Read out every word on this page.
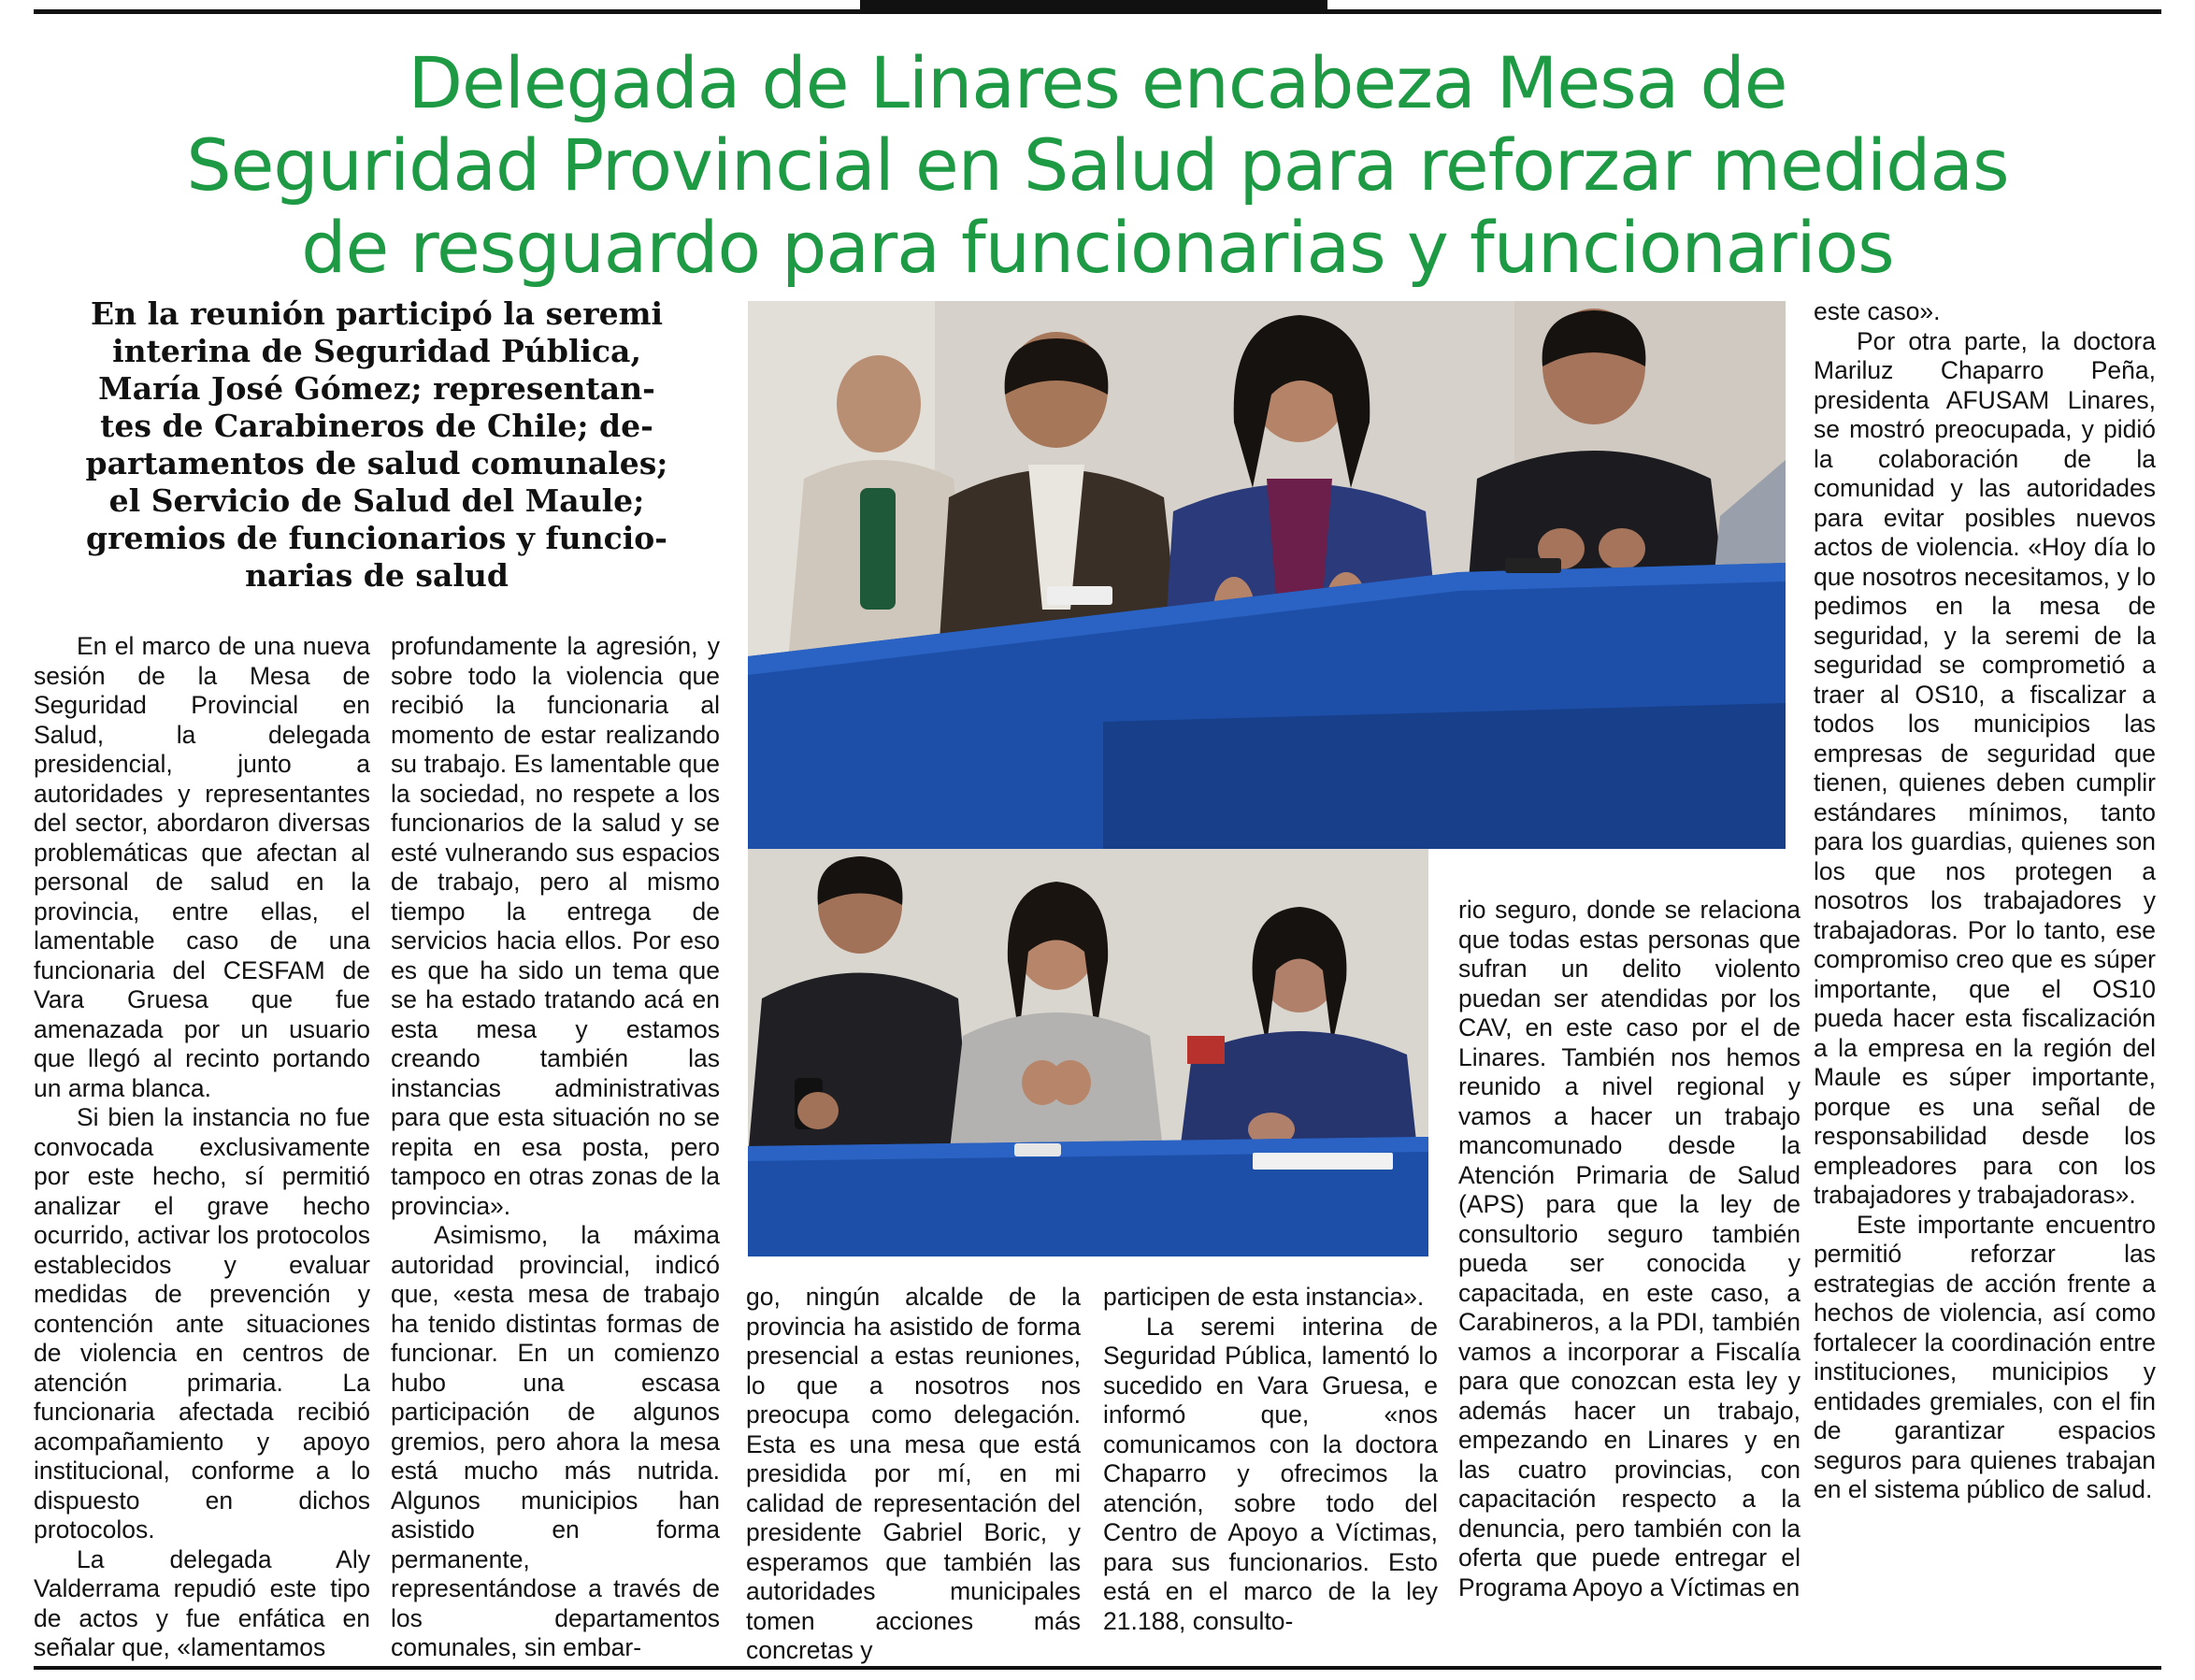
Delegada de Linares encabeza Mesa de
Seguridad Provincial en Salud para reforzar medidas
de resguardo para funcionarias y funcionarios
En la reunión participó la seremi
interina de Seguridad Pública,
María José Gómez; representan-
tes de Carabineros de Chile; de-
partamentos de salud comunales;
el Servicio de Salud del Maule;
gremios de funcionarios y funcio-
narias de salud

En el marco de una nueva sesión de la Mesa de Seguridad Provincial en Salud, la delegada presidencial, junto a autoridades y representantes del sector, abordaron diversas problemáticas que afectan al personal de salud en la provincia, entre ellas, el lamentable caso de una funcionaria del CESFAM de Vara Gruesa que fue amenazada por un usuario que llegó al recinto portando un arma blanca.

Si bien la instancia no fue convocada exclusivamente por este hecho, sí permitió analizar el grave hecho ocurrido, activar los protocolos establecidos y evaluar medidas de prevención y contención ante situaciones de violencia en centros de atención primaria. La funcionaria afectada recibió acompañamiento y apoyo institucional, conforme a lo dispuesto en dichos protocolos.

La delegada Aly Valderrama repudió este tipo de actos y fue enfática en señalar que, «lamentamos

profundamente la agresión, y sobre todo la violencia que recibió la funcionaria al momento de estar realizando su trabajo. Es lamentable que la sociedad, no respete a los funcionarios de la salud y se esté vulnerando sus espacios de trabajo, pero al mismo tiempo la entrega de servicios hacia ellos. Por eso es que ha sido un tema que se ha estado tratando acá en esta mesa y estamos creando también las instancias administrativas para que esta situación no se repita en esa posta, pero tampoco en otras zonas de la provincia».

Asimismo, la máxima autoridad provincial, indicó que, «esta mesa de trabajo ha tenido distintas formas de funcionar. En un comienzo hubo una escasa participación de algunos gremios, pero ahora la mesa está mucho más nutrida. Algunos municipios han asistido en forma permanente, representándose a través de los departamentos comunales, sin embar-

go, ningún alcalde de la provincia ha asistido de forma presencial a estas reuniones, lo que a nosotros nos preocupa como delegación. Esta es una mesa que está presidida por mí, en mi calidad de representación del presidente Gabriel Boric, y esperamos que también las autoridades municipales tomen acciones más concretas y

participen de esta instancia».

La seremi interina de Seguridad Pública, lamentó lo sucedido en Vara Gruesa, e informó que, «nos comunicamos con la doctora Chaparro y ofrecimos la atención, sobre todo del Centro de Apoyo a Víctimas, para sus funcionarios. Esto está en el marco de la ley 21.188, consulto-

rio seguro, donde se relaciona que todas estas personas que sufran un delito violento puedan ser atendidas por los CAV, en este caso por el de Linares. También nos hemos reunido a nivel regional y vamos a hacer un trabajo mancomunado desde la Atención Primaria de Salud (APS) para que la ley de consultorio seguro también pueda ser conocida y capacitada, en este caso, a Carabineros, a la PDI, también vamos a incorporar a Fiscalía para que conozcan esta ley y además hacer un trabajo, empezando en Linares y en las cuatro provincias, con capacitación respecto a la denuncia, pero también con la oferta que puede entregar el Programa Apoyo a Víctimas en

este caso».

Por otra parte, la doctora Mariluz Chaparro Peña, presidenta AFUSAM Linares, se mostró preocupada, y pidió la colaboración de la comunidad y las autoridades para evitar posibles nuevos actos de violencia. «Hoy día lo que nosotros necesitamos, y lo pedimos en la mesa de seguridad, y la seremi de la seguridad se comprometió a traer al OS10, a fiscalizar a todos los municipios las empresas de seguridad que tienen, quienes deben cumplir estándares mínimos, tanto para los guardias, quienes son los que nos protegen a nosotros los trabajadores y trabajadoras. Por lo tanto, ese compromiso creo que es súper importante, que el OS10 pueda hacer esta fiscalización a la empresa en la región del Maule es súper importante, porque es una señal de responsabilidad desde los empleadores para con los trabajadores y trabajadoras».

Este importante encuentro permitió reforzar las estrategias de acción frente a hechos de violencia, así como fortalecer la coordinación entre instituciones, municipios y entidades gremiales, con el fin de garantizar espacios seguros para quienes trabajan en el sistema público de salud.
